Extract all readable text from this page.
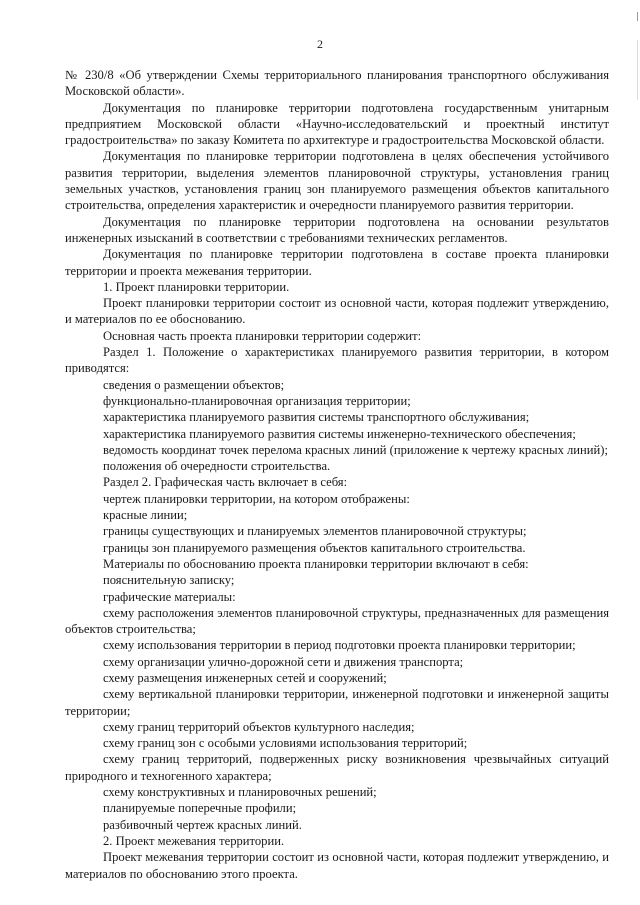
2

№ 230/8 «Об утверждении Схемы территориального планирования транспортного обслуживания Московской области».

Документация по планировке территории подготовлена государственным унитарным предприятием Московской области «Научно-исследовательский и проектный институт градостроительства» по заказу Комитета по архитектуре и градостроительства Московской области.

Документация по планировке территории подготовлена в целях обеспечения устойчивого развития территории, выделения элементов планировочной структуры, установления границ земельных участков, установления границ зон планируемого размещения объектов капитального строительства, определения характеристик и очередности планируемого развития территории.

Документация по планировке территории подготовлена на основании результатов инженерных изысканий в соответствии с требованиями технических регламентов.

Документация по планировке территории подготовлена в составе проекта планировки территории и проекта межевания территории.

1. Проект планировки территории.

Проект планировки территории состоит из основной части, которая подлежит утверждению, и материалов по ее обоснованию.

Основная часть проекта планировки территории содержит:

Раздел 1. Положение о характеристиках планируемого развития территории, в котором приводятся:

сведения о размещении объектов;

функционально-планировочная организация территории;

характеристика планируемого развития системы транспортного обслуживания;

характеристика планируемого развития системы инженерно-технического обеспечения;

ведомость координат точек перелома красных линий (приложение к чертежу красных линий);

положения об очередности строительства.

Раздел 2. Графическая часть включает в себя:

чертеж планировки территории, на котором отображены:

красные линии;

границы существующих и планируемых элементов планировочной структуры;

границы зон планируемого размещения объектов капитального строительства.

Материалы по обоснованию проекта планировки территории включают в себя:

пояснительную записку;

графические материалы:

схему расположения элементов планировочной структуры, предназначенных для размещения объектов строительства;

схему использования территории в период подготовки проекта планировки территории;

схему организации улично-дорожной сети и движения транспорта;

схему размещения инженерных сетей и сооружений;

схему вертикальной планировки территории, инженерной подготовки и инженерной защиты территории;

схему границ территорий объектов культурного наследия;

схему границ зон с особыми условиями использования территорий;

схему границ территорий, подверженных риску возникновения чрезвычайных ситуаций природного и техногенного характера;

схему конструктивных и планировочных решений;

планируемые поперечные профили;

разбивочный чертеж красных линий.

2. Проект межевания территории.

Проект межевания территории состоит из основной части, которая подлежит утверждению, и материалов по обоснованию этого проекта.
